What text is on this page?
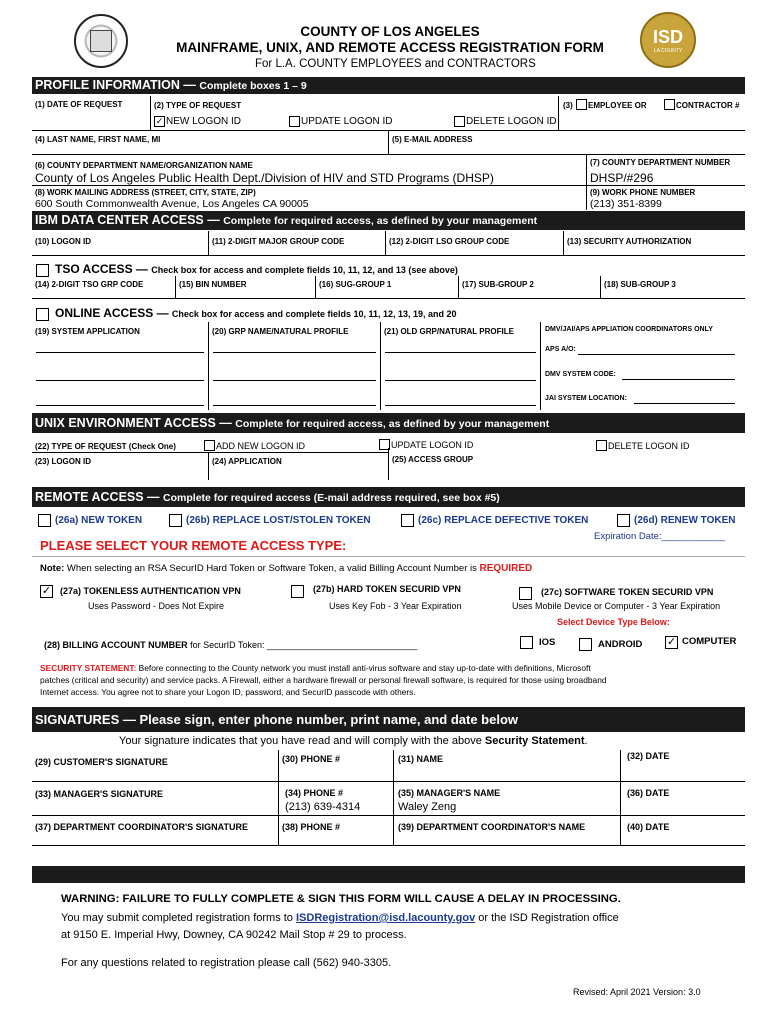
ISD
LA COUNTY
COUNTY OF LOS ANGELES
MAINFRAME, UNIX, AND REMOTE ACCESS REGISTRATION FORM
For L.A. COUNTY EMPLOYEES and CONTRACTORS
PROFILE INFORMATION — Complete boxes 1 – 9
(1) DATE OF REQUEST	(2) TYPE OF REQUEST	(3) EMPLOYEE OR	CONTRACTOR #
✓ NEW LOGON ID	UPDATE LOGON ID	DELETE LOGON ID
(4) LAST NAME, FIRST NAME, MI	(5) E-MAIL ADDRESS
(6) COUNTY DEPARTMENT NAME/ORGANIZATION NAME
County of Los Angeles Public Health Dept./Division of HIV and STD Programs (DHSP)
(7) COUNTY DEPARTMENT NUMBER
DHSP/#296
(8) WORK MAILING ADDRESS (STREET, CITY, STATE, ZIP)
600 South Commonwealth Avenue, Los Angeles CA 90005
(9) WORK PHONE NUMBER
(213) 351-8399
IBM DATA CENTER ACCESS — Complete for required access, as defined by your management
(10) LOGON ID	(11) 2-DIGIT MAJOR GROUP CODE	(12) 2-DIGIT LSO GROUP CODE	(13) SECURITY AUTHORIZATION
TSO ACCESS — Check box for access and complete fields 10, 11, 12, and 13 (see above)
(14) 2-DIGIT TSO GRP CODE	(15) BIN NUMBER	(16) SUG-GROUP 1	(17) SUB-GROUP 2	(18) SUB-GROUP 3
ONLINE ACCESS — Check box for access and complete fields 10, 11, 12, 13, 19, and 20
(19) SYSTEM APPLICATION	(20) GRP NAME/NATURAL PROFILE	(21) OLD GRP/NATURAL PROFILE	DMV/JAI/APS APPLIATION COORDINATORS ONLY
APS A/O:
DMV SYSTEM CODE:
JAI SYSTEM LOCATION:
UNIX ENVIRONMENT ACCESS — Complete for required access, as defined by your management
(22) TYPE OF REQUEST (Check One)	ADD NEW LOGON ID	UPDATE LOGON ID	DELETE LOGON ID
(23) LOGON ID	(24) APPLICATION	(25) ACCESS GROUP
REMOTE ACCESS — Complete for required access (E-mail address required, see box #5)
(26a) NEW TOKEN	(26b) REPLACE LOST/STOLEN TOKEN	(26c) REPLACE DEFECTIVE TOKEN	(26d) RENEW TOKEN
Expiration Date:____________
PLEASE SELECT YOUR REMOTE ACCESS TYPE:
Note: When selecting an RSA SecurID Hard Token or Software Token, a valid Billing Account Number is REQUIRED
✓ (27a) TOKENLESS AUTHENTICATION VPN
Uses Password - Does Not Expire
(27b) HARD TOKEN SECURID VPN
Uses Key Fob - 3 Year Expiration
(27c) SOFTWARE TOKEN SECURID VPN
Uses Mobile Device or Computer - 3 Year Expiration
Select Device Type Below:
(28) BILLING ACCOUNT NUMBER for SecurID Token: ______________________________	IOS	ANDROID ✓ COMPUTER
SECURITY STATEMENT: Before connecting to the County network you must install anti-virus software and stay up-to-date with definitions, Microsoft
patches (critical and security) and service packs. A Firewall, either a hardware firewall or personal firewall software, is required for those using broadband
Internet access. You agree not to share your Logon ID, password, and SecurID passcode with others.
SIGNATURES — Please sign, enter phone number, print name, and date below
Your signature indicates that you have read and will comply with the above Security Statement.
(29) CUSTOMER'S SIGNATURE	(30) PHONE #	(31) NAME	(32) DATE
(33) MANAGER'S SIGNATURE	(34) PHONE #
(213) 639-4314
(35) MANAGER'S NAME
Waley Zeng
(36) DATE
(37) DEPARTMENT COORDINATOR'S SIGNATURE	(38) PHONE #	(39) DEPARTMENT COORDINATOR'S NAME	(40) DATE
WARNING: FAILURE TO FULLY COMPLETE & SIGN THIS FORM WILL CAUSE A DELAY IN PROCESSING.
You may submit completed registration forms to ISDRegistration@isd.lacounty.gov or the ISD Registration office
at 9150 E. Imperial Hwy, Downey, CA 90242 Mail Stop # 29 to process.
For any questions related to registration please call (562) 940-3305.
Revised: April 2021 Version: 3.0
